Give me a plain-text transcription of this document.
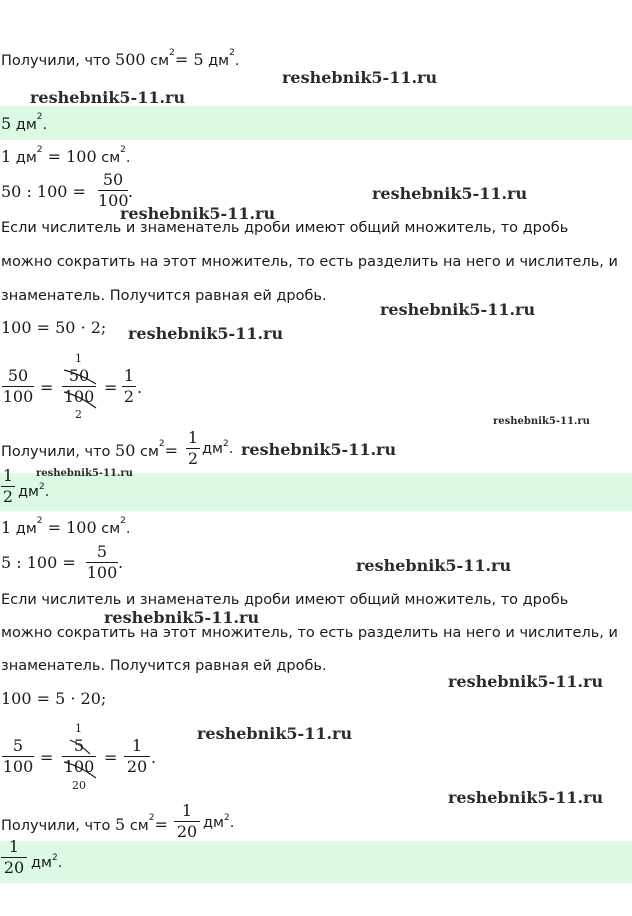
Получили, что 500 $см^2= 5$ $дм^2$.
5 $дм^2$.
1 $дм^2 = 100$ $см^2$.
50 : 100 =
50
100 .
Если числитель и знаменатель дроби имеют общий множитель, то дробь
можно сократить на этот множитель, то есть разделить на него и числитель, и
знаменатель. Получится равная ей дробь.
100 = 50 · 2;
50
100 =
1
50
100
2
=
1
2 .
Получили, что 50 $см^2=$
1
2 $дм^2$.
1
2 $дм^2$.
1 $дм^2 = 100$ $см^2$.
5 : 100 =
5
100
.
Если числитель и знаменатель дроби имеют общий множитель, то дробь
можно сократить на этот множитель, то есть разделить на него и числитель, и
знаменатель. Получится равная ей дробь.
100 = 5 · 20;
5
100 =
1
5
100
20
=
1
20 .
Получили, что 5 $см^2=$
1
20 $дм^2$.
1
20 $дм^2$.
reshebnik5-11.ru
reshebnik5-11.ru
reshebnik5-11.ru
reshebnik5-11.ru
reshebnik5-11.ru
reshebnik5-11.ru
reshebnik5-11.ru
reshebnik5-11.ru
reshebnik5-11.ru
reshebnik5-11.ru
reshebnik5-11.ru
reshebnik5-11.ru
reshebnik5-11.ru
reshebnik5-11.ru
